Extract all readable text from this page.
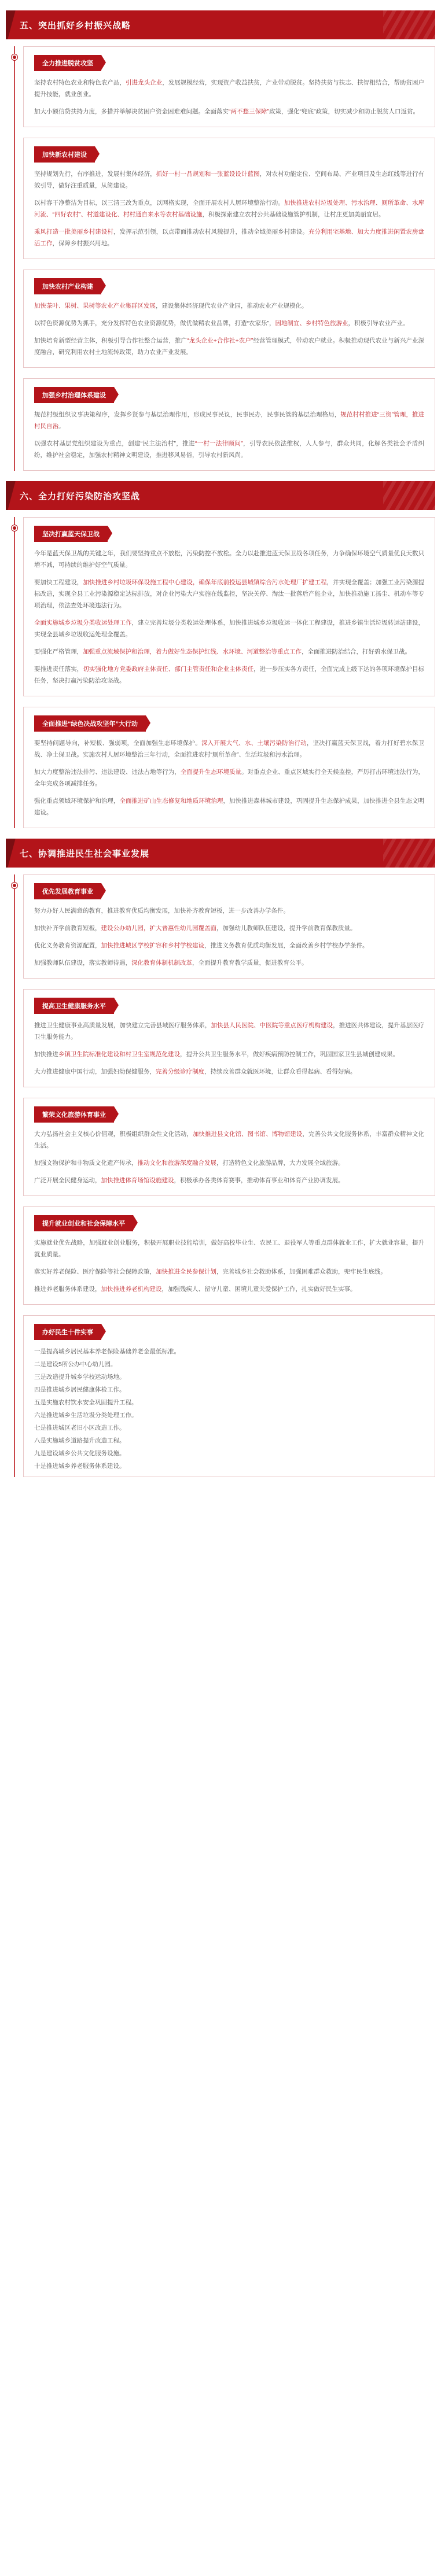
五、突出抓好乡村振兴战略
全力推进脱贫攻坚

坚持农村特色农业和特色农产品，引进龙头企业，发展规模经营，实现资产收益扶贫，产业带动脱贫。坚持扶贫与扶志、扶智相结合，帮助贫困户提升技能，就业创业。

加大小额信贷扶持力度，多措并举解决贫困户资金困难难问题。全面落实“两不愁三保障”政策，强化“兜底”政策，切实减少和防止脱贫人口返贫。

加快新农村建设

坚持规划先行，有序推进，发展村集体经济，抓好一村一品规划和一张蓝设设计蓝图，对农村功能定位、空间布局、产业项目及生态红线等进行有效引导，做好注重质量，从简建设。

以村容干净整洁为目标，以三清三改为重点，以网格实现，全面开展农村人居环境整治行动。加快推进农村垃圾处理、污水治理、厕所革命、水库河流、“四好农村”、村道建设化、村村通自来水等农村基础设施，积极探索建立农村公共基础设施管护机制，让村庄更加美丽宜居。

乘风打造一批美丽乡村建设村，发挥示范引领，以点带面推动农村风貌提升，推动全域美丽乡村建设。充分利用宅基地、加大力度推进闲置农房盘活工作，保障乡村振兴用地。

加快农村产业构建

加快茶叶、果树、果树等农业产业集群区发展，建设集体经济现代农业产业园，推动农业产业规模化。

以特色资源优势为抓手，充分发挥特色农业资源优势，做优做精农业品牌，打造“农家乐”，因地制宜、乡村特色旅游业，积极引导农业产业。

加快培育新型经营主体，积极引导合作社整合运营，推广“龙头企业+合作社+农户”经营管理模式，带动农户就业。积极推动现代农业与新兴产业深度融合，研究利用农村土地流转政策，助力农业产业发展。

加强乡村治理体系建设

规范村级组织议事决策程序，发挥乡贤参与基层治理作用，形成民事民议，民事民办，民事民管的基层治理格局，规范村村推进“三资”管理，推进村民自治。

以强农村基层党组织建设为重点，创建“民主法治村”，推进“一村一法律顾问”，引导农民依法维权，人人参与，群众共同，化解各类社会矛盾纠纷，维护社会稳定，加强农村精神文明建设，推进移风易俗，引导农村新风尚。

六、全力打好污染防治攻坚战
坚决打赢蓝天保卫战

今年是蓝天保卫战的关键之年，我们要坚持重点不放松，污染防控不放松。全力以赴推进蓝天保卫战各项任务，力争确保环境空气质量优良天数只增不减，可持续的维护好空气质量。

要加快工程建设，加快推进乡村垃圾环保设施工程中心建设，确保年底前投运县城镇综合污水处理厂扩建工程，并实现全覆盖；加强工业污染源提标改造，实现全县工业污染源稳定达标排放，对企业污染大户实施在线监控，坚决关停、淘汰一批落后产能企业，加快推动施工扬尘、机动车等专项治理，依法查处环境违法行为。

全面实施城乡垃圾分类收运处理工作，建立完善垃圾分类收运处理体系，加快推进城乡垃圾收运一体化工程建设，推进乡镇生活垃圾转运站建设，实现全县城乡垃圾收运处理全覆盖。

要强化严格管理，加强重点流域保护和治理，着力做好生态保护红线、水环境、河道整治等重点工作，全面推进防治结合，打好碧水保卫战。

要推进责任落实，切实强化地方党委政府主体责任、部门主管责任和企业主体责任，进一步压实各方责任，全面完成上级下达的各项环境保护目标任务，坚决打赢污染防治攻坚战。

全面推进“绿色决战攻坚年”大行动

要坚持问题导向，补短板、强弱项，全面加强生态环境保护。深入开展大气、水、土壤污染防治行动，坚决打赢蓝天保卫战，着力打好碧水保卫战、净土保卫战。实施农村人居环境整治三年行动，全面推进农村“厕所革命”、生活垃圾和污水治理。

加大力度整治违法排污、违法建设、违法占地等行为，全面提升生态环境质量。对重点企业、重点区域实行全天候监控，严厉打击环境违法行为，全年完成各项减排任务。

强化重点领域环境保护和治理，全面推进矿山生态修复和地质环境治理，加快推进森林城市建设，巩固提升生态保护成果，加快推进全县生态文明建设。

七、协调推进民生社会事业发展
优先发展教育事业

努力办好人民满意的教育，推进教育优质均衡发展，加快补齐教育短板，进一步改善办学条件。

加快补齐学前教育短板，建设公办幼儿园，扩大普惠性幼儿园覆盖面，加强幼儿教师队伍建设，提升学前教育保教质量。

优化义务教育资源配置，加快推进城区学校扩容和乡村学校建设，推进义务教育优质均衡发展，全面改善乡村学校办学条件。

加强教师队伍建设，落实教师待遇，深化教育体制机制改革，全面提升教育教学质量，促进教育公平。

提高卫生健康服务水平

推进卫生健康事业高质量发展，加快建立完善县域医疗服务体系，加快县人民医院、中医院等重点医疗机构建设，推进医共体建设，提升基层医疗卫生服务能力。

加快推进乡镇卫生院标准化建设和村卫生室规范化建设，提升公共卫生服务水平，做好疾病预防控制工作，巩固国家卫生县城创建成果。

大力推进健康中国行动，加强妇幼保健服务，完善分级诊疗制度，持续改善群众就医环境，让群众看得起病、看得好病。

繁荣文化旅游体育事业

大力弘扬社会主义核心价值观，积极组织群众性文化活动，加快推进县文化馆、图书馆、博物馆建设，完善公共文化服务体系，丰富群众精神文化生活。

加强文物保护和非物质文化遗产传承，推动文化和旅游深度融合发展，打造特色文化旅游品牌，大力发展全域旅游。

广泛开展全民健身运动，加快推进体育场馆设施建设，积极承办各类体育赛事，推动体育事业和体育产业协调发展。

提升就业创业和社会保障水平

实施就业优先战略，加强就业创业服务，积极开展职业技能培训，做好高校毕业生、农民工、退役军人等重点群体就业工作，扩大就业容量，提升就业质量。

落实好养老保险、医疗保险等社会保障政策，加快推进全民参保计划，完善城乡社会救助体系，加强困难群众救助，兜牢民生底线。

推进养老服务体系建设，加快推进养老机构建设，加强残疾人、留守儿童、困境儿童关爱保护工作，扎实做好民生实事。

办好民生十件实事

一是提高城乡居民基本养老保险基础养老金最低标准。

二是建设5所公办中心幼儿园。

三是改造提升城乡学校运动场地。

四是推进城乡居民健康体检工作。

五是实施农村饮水安全巩固提升工程。

六是推进城乡生活垃圾分类处理工作。

七是推进城区老旧小区改造工作。

八是实施城乡道路提升改造工程。

九是建设城乡公共文化服务设施。

十是推进城乡养老服务体系建设。
